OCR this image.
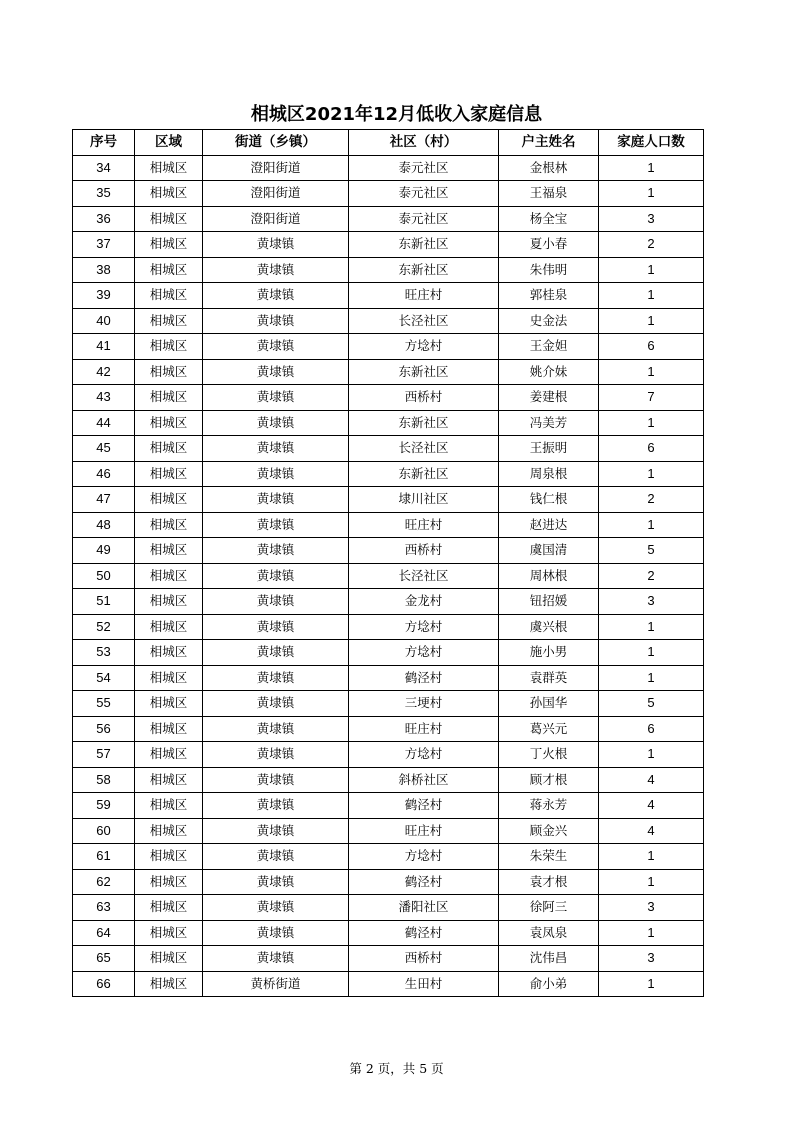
相城区2021年12月低收入家庭信息
序号	区域	街道（乡镇）	社区（村）	户主姓名	家庭人口数
34	相城区	澄阳街道	泰元社区	金根林	1
35	相城区	澄阳街道	泰元社区	王福泉	1
36	相城区	澄阳街道	泰元社区	杨全宝	3
37	相城区	黄埭镇	东新社区	夏小春	2
38	相城区	黄埭镇	东新社区	朱伟明	1
39	相城区	黄埭镇	旺庄村	郭桂泉	1
40	相城区	黄埭镇	长泾社区	史金法	1
41	相城区	黄埭镇	方埝村	王金妲	6
42	相城区	黄埭镇	东新社区	姚介妹	1
43	相城区	黄埭镇	西桥村	姜建根	7
44	相城区	黄埭镇	东新社区	冯美芳	1
45	相城区	黄埭镇	长泾社区	王振明	6
46	相城区	黄埭镇	东新社区	周泉根	1
47	相城区	黄埭镇	埭川社区	钱仁根	2
48	相城区	黄埭镇	旺庄村	赵进达	1
49	相城区	黄埭镇	西桥村	虞国清	5
50	相城区	黄埭镇	长泾社区	周林根	2
51	相城区	黄埭镇	金龙村	钮招媛	3
52	相城区	黄埭镇	方埝村	虞兴根	1
53	相城区	黄埭镇	方埝村	施小男	1
54	相城区	黄埭镇	鹤泾村	袁群英	1
55	相城区	黄埭镇	三埂村	孙国华	5
56	相城区	黄埭镇	旺庄村	葛兴元	6
57	相城区	黄埭镇	方埝村	丁火根	1
58	相城区	黄埭镇	斜桥社区	顾才根	4
59	相城区	黄埭镇	鹤泾村	蒋永芳	4
60	相城区	黄埭镇	旺庄村	顾金兴	4
61	相城区	黄埭镇	方埝村	朱荣生	1
62	相城区	黄埭镇	鹤泾村	袁才根	1
63	相城区	黄埭镇	潘阳社区	徐阿三	3
64	相城区	黄埭镇	鹤泾村	袁凤泉	1
65	相城区	黄埭镇	西桥村	沈伟昌	3
66	相城区	黄桥街道	生田村	俞小弟	1
第 2 页，共 5 页
